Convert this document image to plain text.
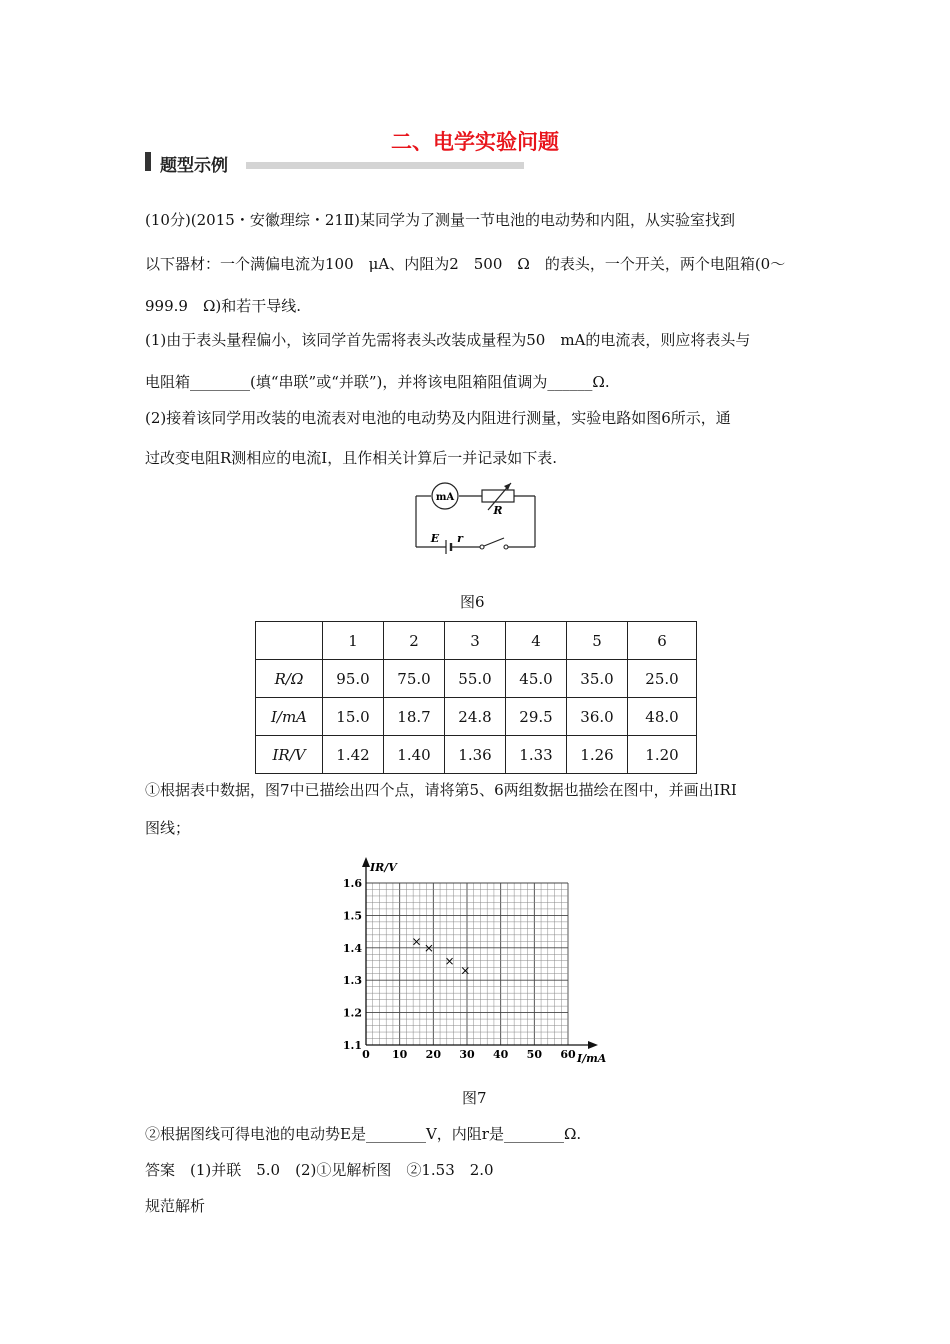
二、电学实验问题
题型示例
(10分)(2015・安徽理综・21Ⅱ)某同学为了测量一节电池的电动势和内阻，从实验室找到
以下器材：一个满偏电流为100　μA、内阻为2　500　Ω　的表头，一个开关，两个电阻箱(0～
999.9　Ω)和若干导线.
(1)由于表头量程偏小，该同学首先需将表头改装成量程为50　mA的电流表，则应将表头与
电阻箱________(填“串联”或“并联”)，并将该电阻箱阻值调为______Ω.
(2)接着该同学用改装的电流表对电池的电动势及内阻进行测量，实验电路如图6所示，通
过改变电阻R测相应的电流I，且作相关计算后一并记录如下表.
mA
R
E r
图6
	1	2	3	4	5	6
R/Ω	95.0	75.0	55.0	45.0	35.0	25.0
I/mA	15.0	18.7	24.8	29.5	36.0	48.0
IR/V	1.42	1.40	1.36	1.33	1.26	1.20
①根据表中数据，图7中已描绘出四个点，请将第5、6两组数据也描绘在图中，并画出IRI
图线；
0 10 20 30 40 50 60
1.1
1.2
1.3
1.4
1.5
1.6
× ×
×
×
I/mA
IR/V
图7
②根据图线可得电池的电动势E是________V，内阻r是________Ω.
答案　(1)并联　5.0　(2)①见解析图　②1.53　2.0
规范解析
